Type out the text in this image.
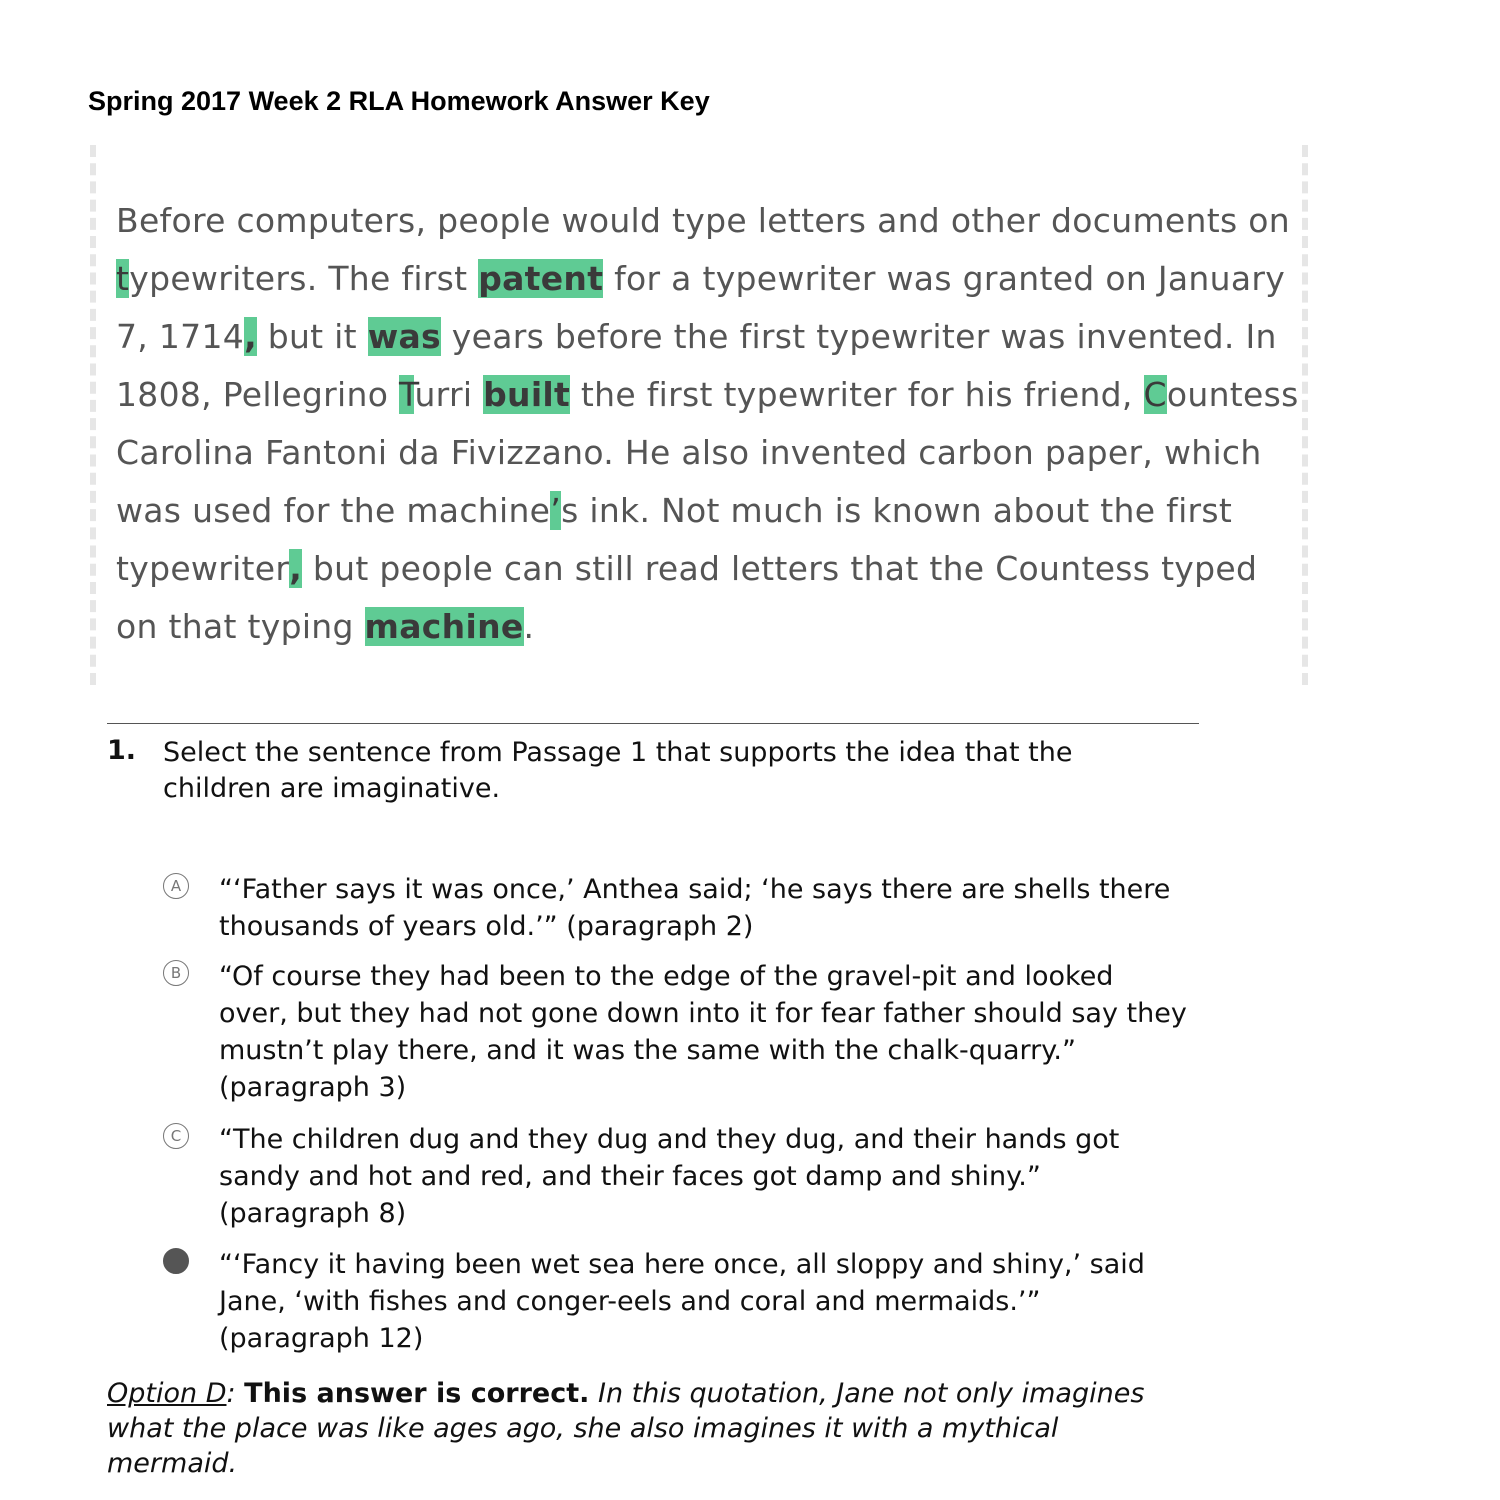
Spring 2017 Week 2 RLA Homework Answer Key
Before computers, people would type letters and other documents on typewriters. The first patent for a typewriter was granted on January 7, 1714, but it was years before the first typewriter was invented. In 1808, Pellegrino Turri built the first typewriter for his friend, Countess Carolina Fantoni da Fivizzano. He also invented carbon paper, which was used for the machine’s ink. Not much is known about the first typewriter, but people can still read letters that the Countess typed on that typing machine.
1. Select the sentence from Passage 1 that supports the idea that the children are imaginative.
A “‘Father says it was once,’ Anthea said; ‘he says there are shells there thousands of years old.’” (paragraph 2)
B “Of course they had been to the edge of the gravel-pit and looked over, but they had not gone down into it for fear father should say they mustn’t play there, and it was the same with the chalk-quarry.” (paragraph 3)
C “The children dug and they dug and they dug, and their hands got sandy and hot and red, and their faces got damp and shiny.” (paragraph 8)
“‘Fancy it having been wet sea here once, all sloppy and shiny,’ said Jane, ‘with fishes and conger-eels and coral and mermaids.’” (paragraph 12)
Option D: This answer is correct. In this quotation, Jane not only imagines what the place was like ages ago, she also imagines it with a mythical mermaid.
